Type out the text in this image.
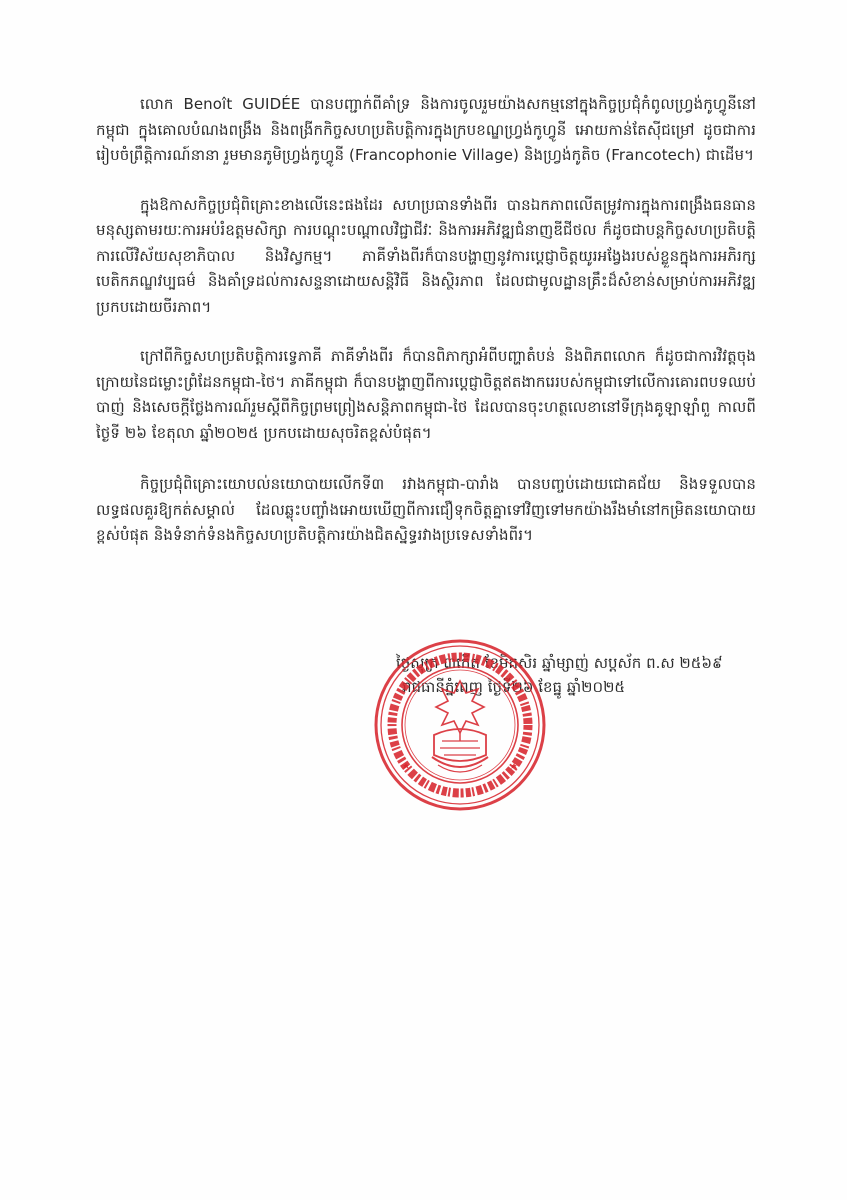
លោក Benoît GUIDÉE បានបញ្ជាក់ពីគាំទ្រ និងការចូលរួមយ៉ាងសកម្មនៅក្នុងកិច្ចប្រជុំកំពូលហ្វ្រង់កូហ្វូនីនៅកម្ពុជា ក្នុងគោលបំណងពង្រឹង និងពង្រីកកិច្ចសហប្រតិបត្តិការក្នុងក្របខណ្ឌហ្វ្រង់កូហ្វូនី អោយកាន់តែស៊ីជម្រៅ ដូចជាការរៀបចំព្រឹត្តិការណ៍នានា រួមមានភូមិហ្វ្រង់កូហ្វូនី (Francophonie Village) និងហ្វ្រង់កូតិច (Francotech) ជាដើម។

ក្នុងឱកាសកិច្ចប្រជុំពិគ្រោះខាងលើនេះផងដែរ សហប្រធានទាំងពីរ បានឯកភាពលើតម្រូវការក្នុងការពង្រឹងធនធានមនុស្សតាមរយៈការអប់រំឧត្តមសិក្សា ការបណ្តុះបណ្តាលវិជ្ជាជីវៈ និងការអភិវឌ្ឍជំនាញឌីជីថល ក៏ដូចជាបន្តកិច្ចសហប្រតិបត្តិការលើវិស័យសុខាភិបាល និងវិស្វកម្ម។ ភាគីទាំងពីរក៏បានបង្ហាញនូវការប្តេជ្ញាចិត្តយូរអង្វែងរបស់ខ្លួនក្នុងការអភិរក្សបេតិកភណ្ឌវប្បធម៌ និងគាំទ្រដល់ការសន្ទនាដោយសន្តិវិធី និងស្ថិរភាព ដែលជាមូលដ្ឋានគ្រឹះដ៏សំខាន់សម្រាប់ការអភិវឌ្ឍប្រកបដោយចីរភាព។

ក្រៅពីកិច្ចសហប្រតិបត្តិការទ្វេភាគី ភាគីទាំងពីរ ក៏បានពិភាក្សាអំពីបញ្ហាតំបន់ និងពិភពលោក ក៏ដូចជាការវិវត្តចុងក្រោយនៃជម្លោះព្រំដែនកម្ពុជា-ថៃ។ ភាគីកម្ពុជា ក៏បានបង្ហាញពីការប្តេជ្ញាចិត្តឥតងាករេរបស់កម្ពុជាទៅលើការគោរពបទឈប់បាញ់ និងសេចក្តីថ្លែងការណ៍រួមស្តីពីកិច្ចព្រមព្រៀងសន្តិភាពកម្ពុជា-ថៃ ដែលបានចុះហត្ថលេខានៅទីក្រុងគូឡាឡាំពួ កាលពីថ្ងៃទី ២៦ ខែតុលា ឆ្នាំ២០២៥ ប្រកបដោយសុចរិតខ្ពស់បំផុត។

កិច្ចប្រជុំពិគ្រោះយោបល់នយោបាយលើកទី៣ រវាងកម្ពុជា-បារាំង បានបញ្ចប់ដោយជោគជ័យ និងទទួលបានលទ្ធផលគួរឱ្យកត់សម្គាល់ ដែលឆ្លុះបញ្ចាំងអោយឃើញពីការជឿទុកចិត្តគ្នាទៅវិញទៅមកយ៉ាងរឹងមាំនៅកម្រិតនយោបាយខ្ពស់បំផុត និងទំនាក់ទំនងកិច្ចសហប្រតិបត្តិការយ៉ាងជិតស្និទ្ធរវាងប្រទេសទាំងពីរ។

ថ្ងៃសុក្រ ៣កើត ខែមិគសិរ ឆ្នាំម្សាញ់ សប្តស័ក ព.ស ២៥៦៩
រាជធានីភ្នំពេញ ថ្ងៃទី២៦ ខែធ្នូ ឆ្នាំ២០២៥
